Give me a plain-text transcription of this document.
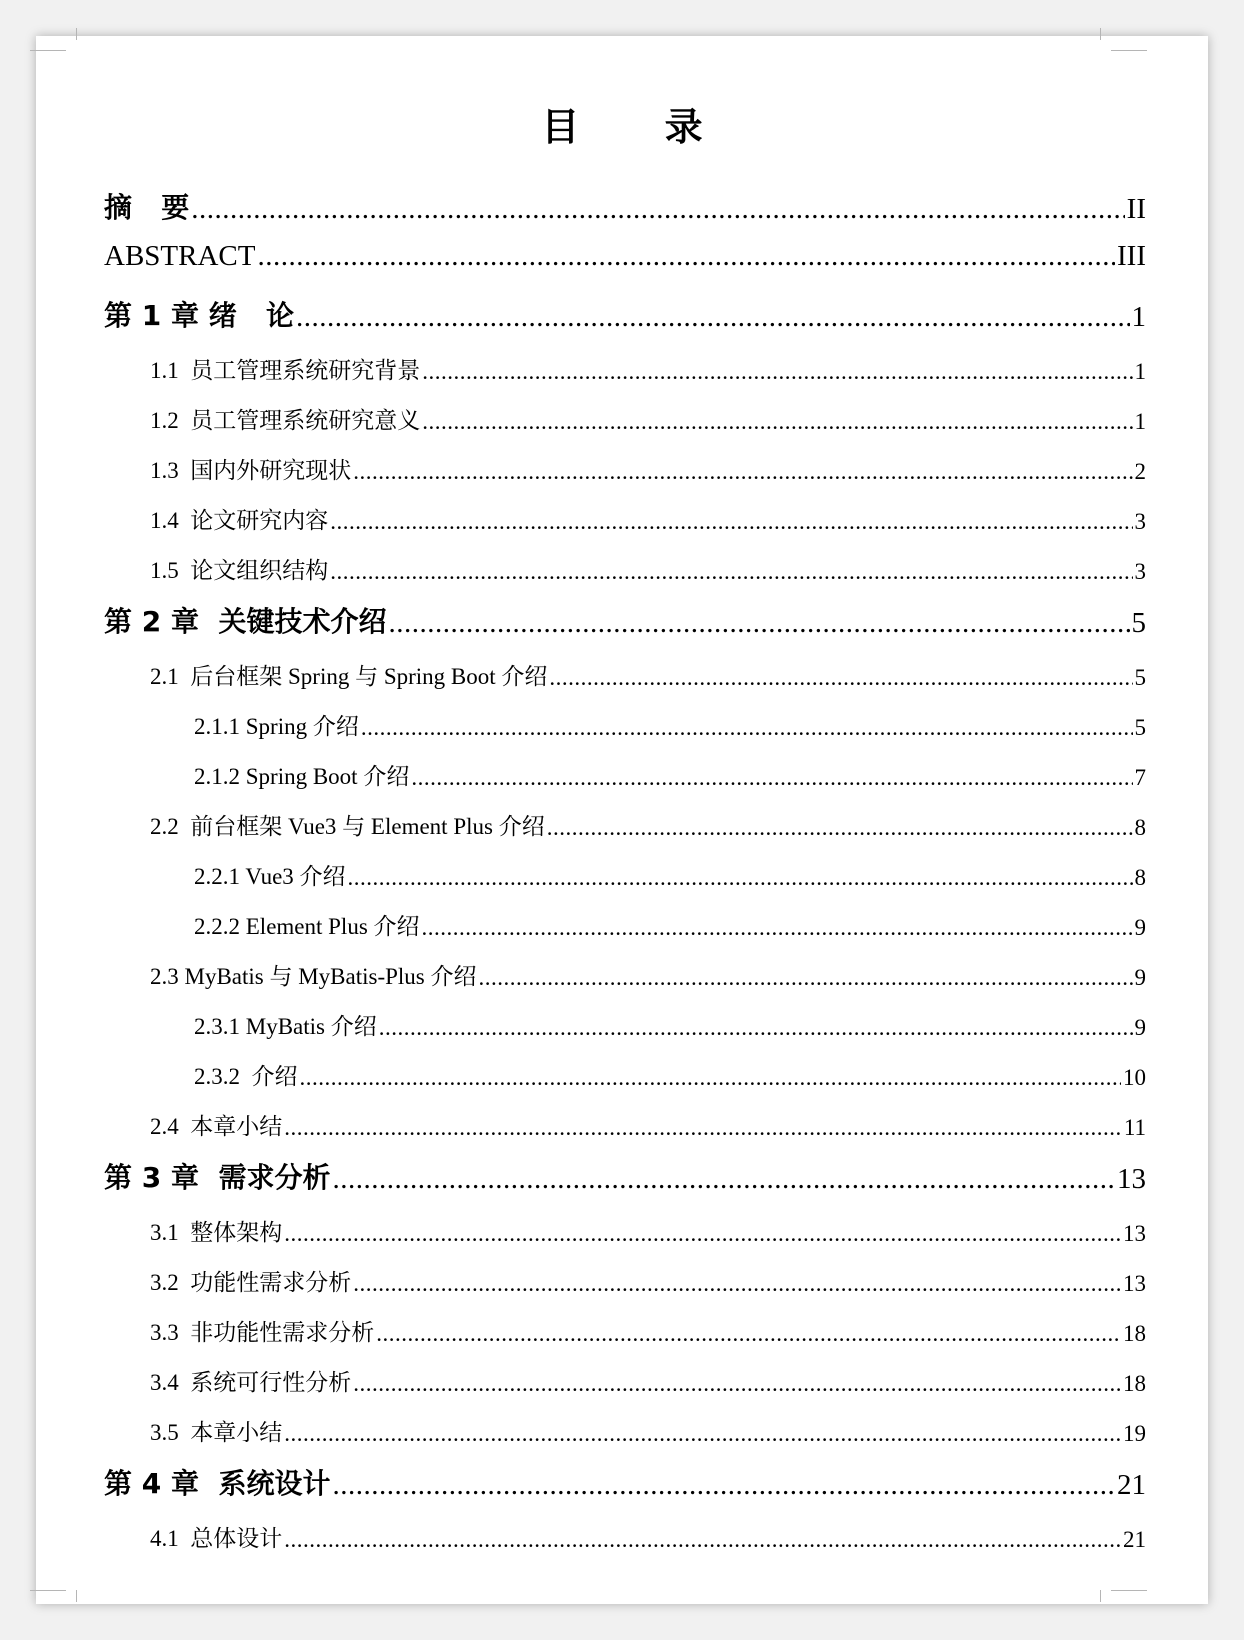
目 录
摘   要 .....	II
ABSTRACT .....	III
第 1 章 绪   论 .....	1
1.1  员工管理系统研究背景 .....	1
1.2  员工管理系统研究意义 .....	1
1.3  国内外研究现状 .....	2
1.4  论文研究内容 .....	3
1.5  论文组织结构 .....	3
第 2 章  关键技术介绍 .....	5
2.1  后台框架 Spring 与 Spring Boot 介绍 .....	5
2.1.1 Spring 介绍 .....	5
2.1.2 Spring Boot 介绍 .....	7
2.2  前台框架 Vue3 与 Element Plus 介绍 .....	8
2.2.1 Vue3 介绍 .....	8
2.2.2 Element Plus 介绍 .....	9
2.3 MyBatis 与 MyBatis-Plus 介绍 .....	9
2.3.1 MyBatis 介绍 .....	9
2.3.2  介绍 .....	10
2.4  本章小结 .....	11
第 3 章  需求分析 .....	13
3.1  整体架构 .....	13
3.2  功能性需求分析 .....	13
3.3  非功能性需求分析 .....	18
3.4  系统可行性分析 .....	18
3.5  本章小结 .....	19
第 4 章  系统设计 .....	21
4.1  总体设计 .....	21
